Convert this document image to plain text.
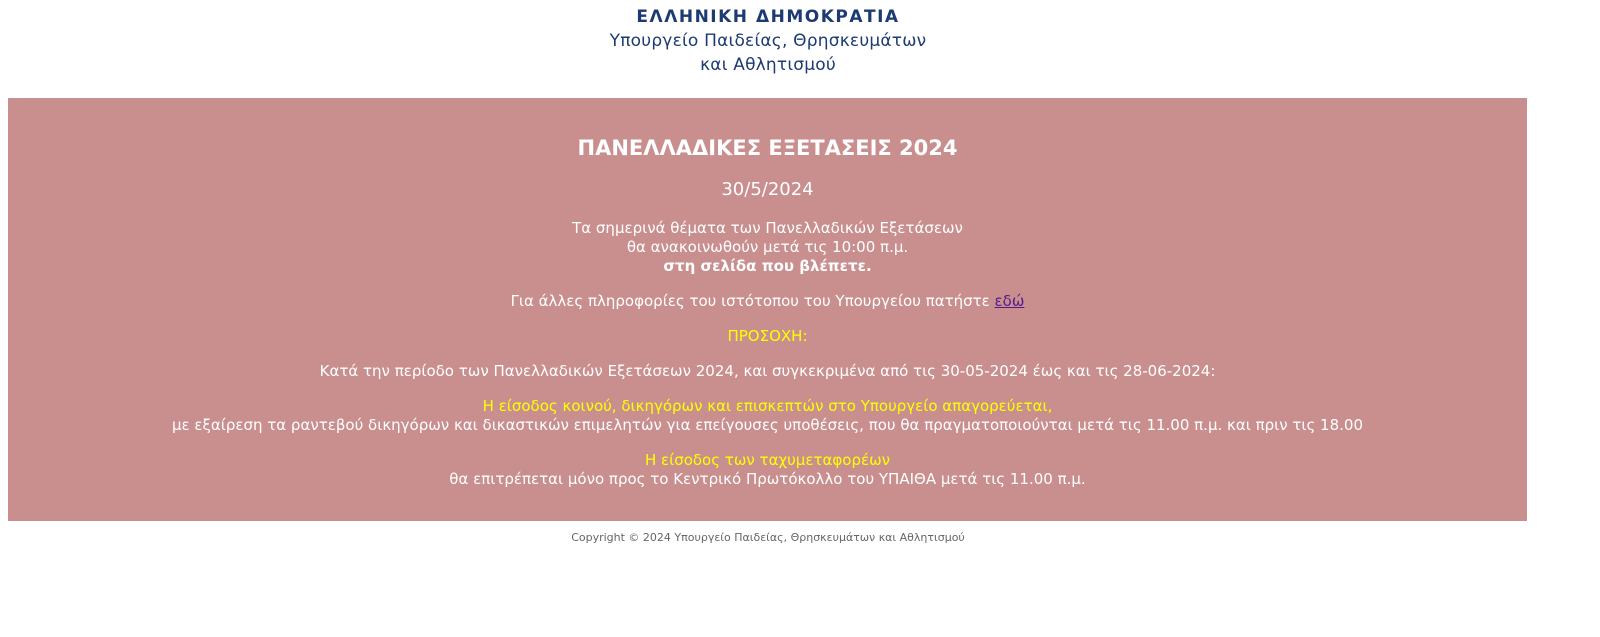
ΕΛΛΗΝΙΚΗ ΔΗΜΟΚΡΑΤΙΑ
Υπουργείο Παιδείας, Θρησκευμάτων
και Αθλητισμού
ΠΑΝΕΛΛΑΔΙΚΕΣ ΕΞΕΤΑΣΕΙΣ 2024
30/5/2024
Τα σημερινά θέματα των Πανελλαδικών Εξετάσεων
θα ανακοινωθούν μετά τις 10:00 π.μ.
στη σελίδα που βλέπετε.
Για άλλες πληροφορίες του ιστότοπου του Υπουργείου πατήστε εδώ
ΠΡΟΣΟΧΗ:
Κατά την περίοδο των Πανελλαδικών Εξετάσεων 2024, και συγκεκριμένα από τις 30-05-2024 έως και τις 28-06-2024:
Η είσοδος κοινού, δικηγόρων και επισκεπτών στο Υπουργείο απαγορεύεται,
με εξαίρεση τα ραντεβού δικηγόρων και δικαστικών επιμελητών για επείγουσες υποθέσεις, που θα πραγματοποιούνται μετά τις 11.00 π.μ. και πριν τις 18.00
Η είσοδος των ταχυμεταφορέων
θα επιτρέπεται μόνο προς το Κεντρικό Πρωτόκολλο του ΥΠΑΙΘΑ μετά τις 11.00 π.μ.
Copyright © 2024 Υπουργείο Παιδείας, Θρησκευμάτων και Αθλητισμού
